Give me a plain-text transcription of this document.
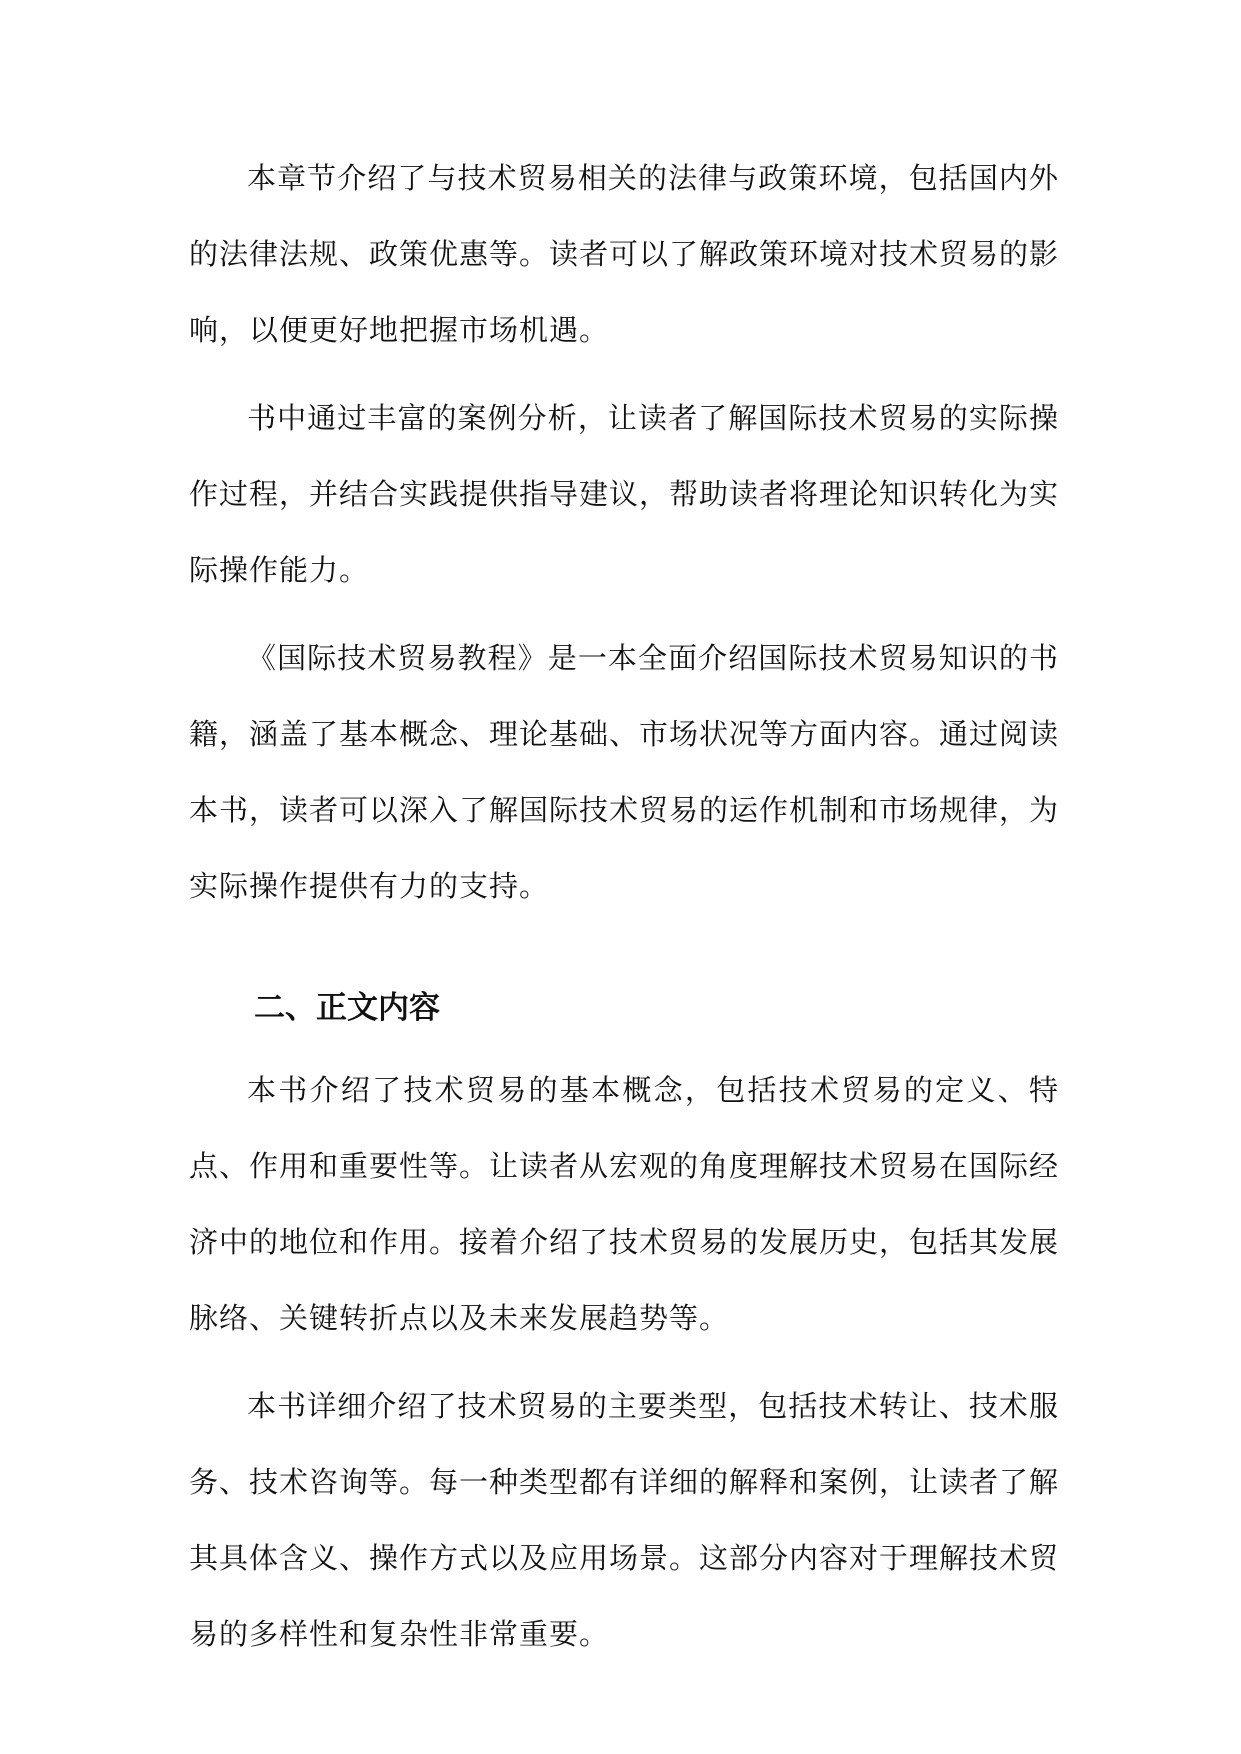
本章节介绍了与技术贸易相关的法律与政策环境，包括国内外的法律法规、政策优惠等。读者可以了解政策环境对技术贸易的影响，以便更好地把握市场机遇。

书中通过丰富的案例分析，让读者了解国际技术贸易的实际操作过程，并结合实践提供指导建议，帮助读者将理论知识转化为实际操作能力。

《国际技术贸易教程》是一本全面介绍国际技术贸易知识的书籍，涵盖了基本概念、理论基础、市场状况等方面内容。通过阅读本书，读者可以深入了解国际技术贸易的运作机制和市场规律，为实际操作提供有力的支持。

二、正文内容

本书介绍了技术贸易的基本概念，包括技术贸易的定义、特点、作用和重要性等。让读者从宏观的角度理解技术贸易在国际经济中的地位和作用。接着介绍了技术贸易的发展历史，包括其发展脉络、关键转折点以及未来发展趋势等。

本书详细介绍了技术贸易的主要类型，包括技术转让、技术服务、技术咨询等。每一种类型都有详细的解释和案例，让读者了解其具体含义、操作方式以及应用场景。这部分内容对于理解技术贸易的多样性和复杂性非常重要。
